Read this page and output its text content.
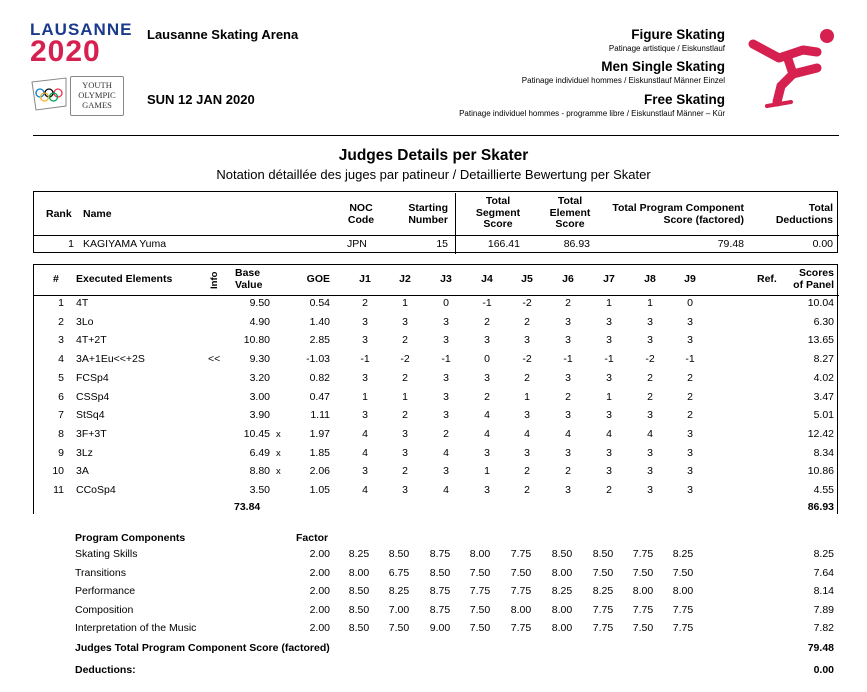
LAUSANNE
2020
YOUTH
OLYMPIC
GAMES
Lausanne Skating Arena
SUN 12 JAN 2020
Figure Skating
Patinage artistique / Eiskunstlauf
Men Single Skating
Patinage individuel hommes / Eiskunstlauf Männer Einzel
Free Skating
Patinage individuel hommes - programme libre / Eiskunstlauf Männer – Kür
Judges Details per Skater
Notation détaillée des juges par patineur / Detaillierte Bewertung per Skater
Rank Name	NOC
Code
Starting
Number
Total
Segment
Score
Total
Element
Score
Total Program Component
Score (factored)
Total
Deductions
1 KAGIYAMA Yuma	JPN	15	166.41	86.93	79.48	0.00
# Executed Elements	Info Base
Value	GOE	J1	J2	J3	J4	J5	J6	J7	J8	J9	Ref.	Scores
of Panel
1 4T	9.50	0.54	2	1	0	-1	-2	2	1	1	0	10.04
2 3Lo	4.90	1.40	3	3	3	2	2	3	3	3	3	6.30
3 4T+2T	10.80	2.85	3	2	3	3	3	3	3	3	3	13.65
4 3A+1Eu<<+2S	<<	9.30	-1.03	-1	-2	-1	0	-2	-1	-1	-2	-1	8.27
5 FCSp4	3.20	0.82	3	2	3	3	2	3	3	2	2	4.02
6 CSSp4	3.00	0.47	1	1	3	2	1	2	1	2	2	3.47
7 StSq4	3.90	1.11	3	2	3	4	3	3	3	3	2	5.01
8 3F+3T	10.45 x	1.97	4	3	2	4	4	4	4	4	3	12.42
9 3Lz	6.49 x	1.85	4	3	4	3	3	3	3	3	3	8.34
10 3A	8.80 x	2.06	3	2	3	1	2	2	3	3	3	10.86
11 CCoSp4	3.50	1.05	4	3	4	3	2	3	2	3	3	4.55
73.84	86.93
Program Components	Factor
Skating Skills	2.00	8.25	8.50	8.75	8.00	7.75	8.50	8.50	7.75	8.25	8.25
Transitions	2.00	8.00	6.75	8.50	7.50	7.50	8.00	7.50	7.50	7.50	7.64
Performance	2.00	8.50	8.25	8.75	7.75	7.75	8.25	8.25	8.00	8.00	8.14
Composition	2.00	8.50	7.00	8.75	7.50	8.00	8.00	7.75	7.75	7.75	7.89
Interpretation of the Music	2.00	8.50	7.50	9.00	7.50	7.75	8.00	7.75	7.50	7.75	7.82
Judges Total Program Component Score (factored)	79.48
Deductions:	0.00
